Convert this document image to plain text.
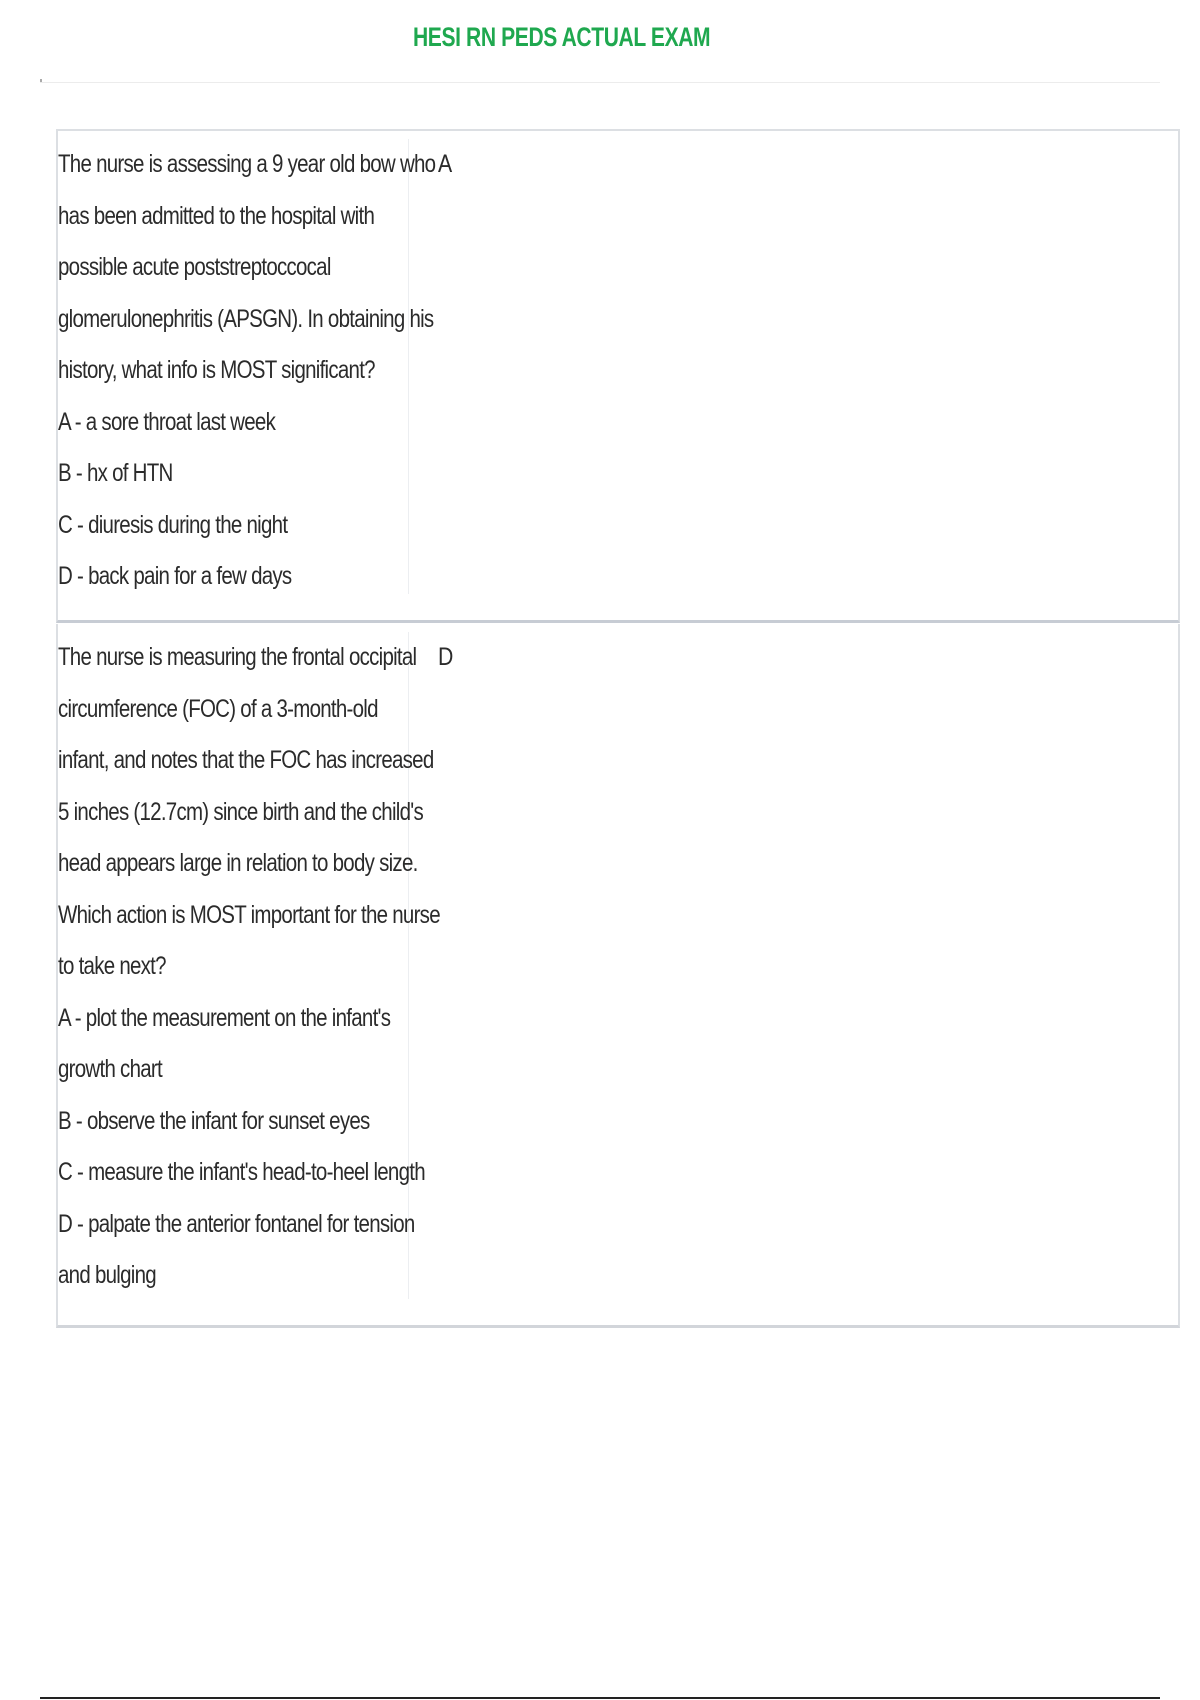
HESI RN PEDS ACTUAL EXAM
The nurse is assessing a 9 year old bow who
has been admitted to the hospital with
possible acute poststreptoccocal
glomerulonephritis (APSGN). In obtaining his
history, what info is MOST significant?
A - a sore throat last week
B - hx of HTN
C - diuresis during the night
D - back pain for a few days
A
The nurse is measuring the frontal occipital
circumference (FOC) of a 3-month-old
infant, and notes that the FOC has increased
5 inches (12.7cm) since birth and the child's
head appears large in relation to body size.
Which action is MOST important for the nurse
to take next?
A - plot the measurement on the infant's
growth chart
B - observe the infant for sunset eyes
C - measure the infant's head-to-heel length
D - palpate the anterior fontanel for tension
and bulging
D
